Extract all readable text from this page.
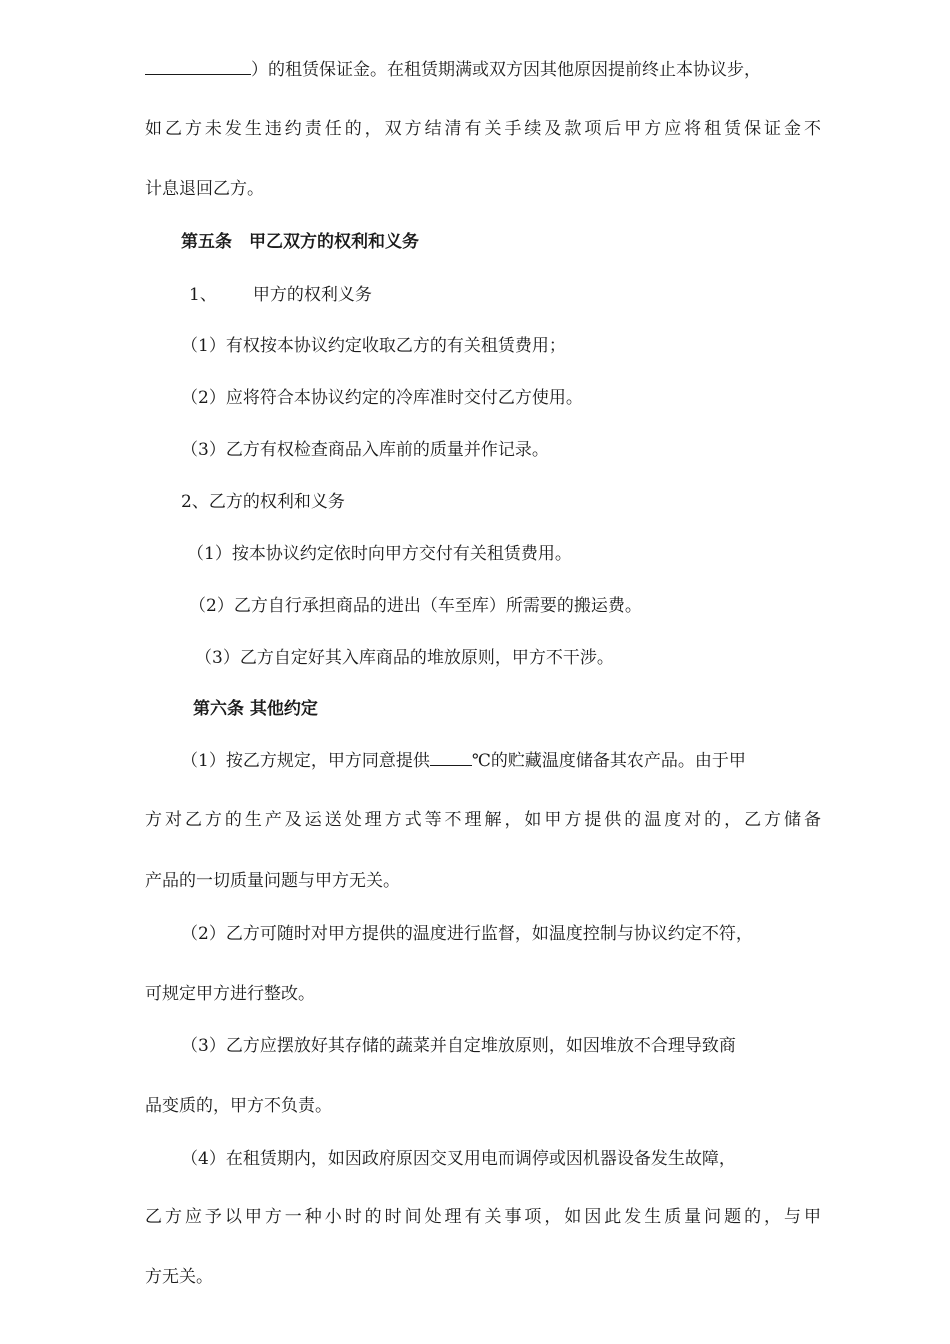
）的租赁保证金。在租赁期满或双方因其他原因提前终止本协议步，
如乙方未发生违约责任的，双方结清有关手续及款项后甲方应将租赁保证金不
计息退回乙方。
第五条　甲乙双方的权利和义务
1、 甲方的权利义务
（1）有权按本协议约定收取乙方的有关租赁费用；
（2）应将符合本协议约定的冷库准时交付乙方使用。
（3）乙方有权检查商品入库前的质量并作记录。
2、乙方的权利和义务
（1）按本协议约定依时向甲方交付有关租赁费用。
（2）乙方自行承担商品的进出（车至库）所需要的搬运费。
（3）乙方自定好其入库商品的堆放原则，甲方不干涉。
第六条 其他约定
（1）按乙方规定，甲方同意提供 ℃的贮藏温度储备其农产品。由于甲
方对乙方的生产及运送处理方式等不理解，如甲方提供的温度对的，乙方储备
产品的一切质量问题与甲方无关。
（2）乙方可随时对甲方提供的温度进行监督，如温度控制与协议约定不符，
可规定甲方进行整改。
（3）乙方应摆放好其存储的蔬菜并自定堆放原则，如因堆放不合理导致商
品变质的，甲方不负责。
（4）在租赁期内，如因政府原因交叉用电而调停或因机器设备发生故障，
乙方应予以甲方一种小时的时间处理有关事项，如因此发生质量问题的，与甲
方无关。
